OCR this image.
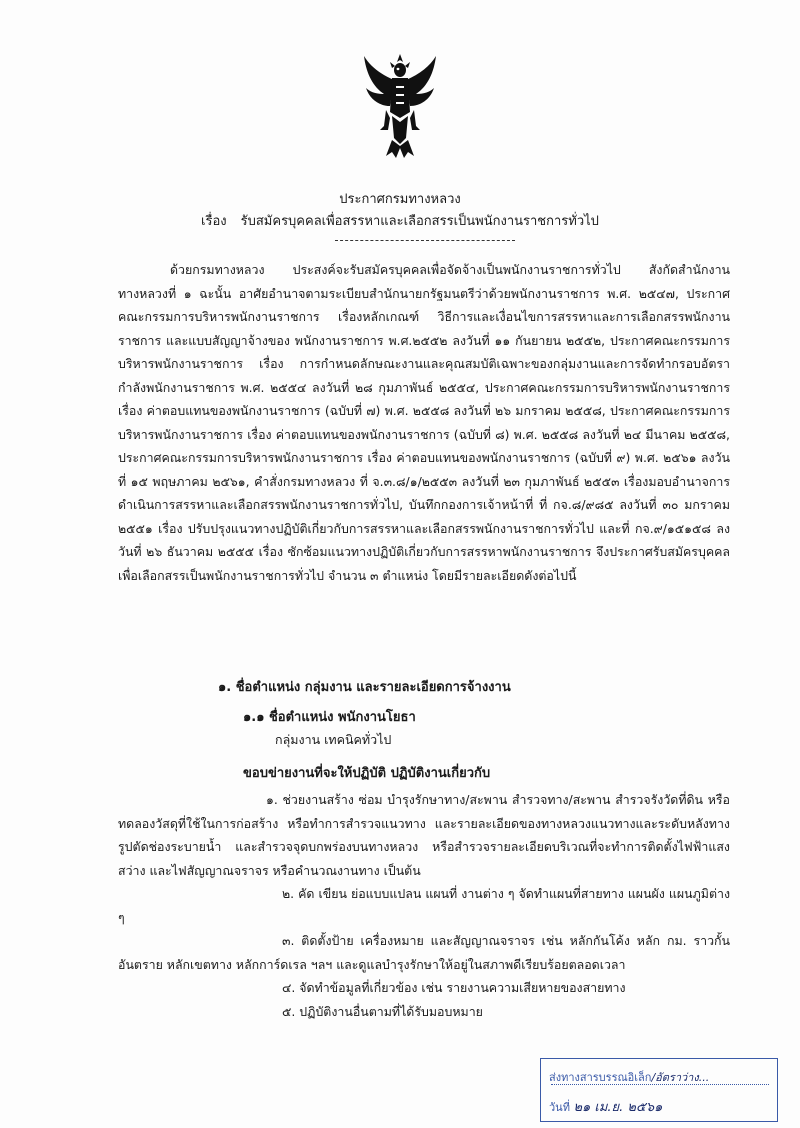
ประกาศกรมทางหลวง
เรื่อง รับสมัครบุคคลเพื่อสรรหาและเลือกสรรเป็นพนักงานราชการทั่วไป

ด้วยกรมทางหลวง ประสงค์จะรับสมัครบุคคลเพื่อจัดจ้างเป็นพนักงานราชการทั่วไป สังกัดสำนักงานทางหลวงที่ ๑ ฉะนั้น อาศัยอำนาจตามระเบียบสำนักนายกรัฐมนตรีว่าด้วยพนักงานราชการ พ.ศ. ๒๕๔๗, ประกาศคณะกรรมการบริหารพนักงานราชการ เรื่องหลักเกณฑ์ วิธีการและเงื่อนไขการสรรหาและการเลือกสรรพนักงานราชการ และแบบสัญญาจ้างของ พนักงานราชการ พ.ศ.๒๕๕๒ ลงวันที่ ๑๑ กันยายน ๒๕๕๒, ประกาศคณะกรรมการบริหารพนักงานราชการ เรื่อง การกำหนดลักษณะงานและคุณสมบัติเฉพาะของกลุ่มงานและการจัดทำกรอบอัตรากำลังพนักงานราชการ พ.ศ. ๒๕๕๔ ลงวันที่ ๒๘ กุมภาพันธ์ ๒๕๕๔, ประกาศคณะกรรมการบริหารพนักงานราชการ เรื่อง ค่าตอบแทนของพนักงานราชการ (ฉบับที่ ๗) พ.ศ. ๒๕๕๘ ลงวันที่ ๒๖ มกราคม ๒๕๕๘, ประกาศคณะกรรมการบริหารพนักงานราชการ เรื่อง ค่าตอบแทนของพนักงานราชการ (ฉบับที่ ๘) พ.ศ. ๒๕๕๘ ลงวันที่ ๒๔ มีนาคม ๒๕๕๘, ประกาศคณะกรรมการบริหารพนักงานราชการ เรื่อง ค่าตอบแทนของพนักงานราชการ (ฉบับที่ ๙) พ.ศ. ๒๕๖๑ ลงวันที่ ๑๕ พฤษภาคม ๒๕๖๑, คำสั่งกรมทางหลวง ที่ จ.๓.๘/๑/๒๕๕๓ ลงวันที่ ๒๓ กุมภาพันธ์ ๒๕๕๓ เรื่องมอบอำนาจการดำเนินการสรรหาและเลือกสรรพนักงานราชการทั่วไป, บันทึกกองการเจ้าหน้าที่ ที่ กจ.๘/๙๘๕ ลงวันที่ ๓๐ มกราคม ๒๕๕๑ เรื่อง ปรับปรุงแนวทางปฏิบัติเกี่ยวกับการสรรหาและเลือกสรรพนักงานราชการทั่วไป และที่ กจ.๙/๑๕๑๕๘ ลงวันที่ ๒๖ ธันวาคม ๒๕๕๕ เรื่อง ซักซ้อมแนวทางปฏิบัติเกี่ยวกับการสรรหาพนักงานราชการ จึงประกาศรับสมัครบุคคลเพื่อเลือกสรรเป็นพนักงานราชการทั่วไป จำนวน ๓ ตำแหน่ง โดยมีรายละเอียดดังต่อไปนี้

๑. ชื่อตำแหน่ง กลุ่มงาน และรายละเอียดการจ้างงาน
๑.๑ ชื่อตำแหน่ง พนักงานโยธา
กลุ่มงาน เทคนิคทั่วไป
ขอบข่ายงานที่จะให้ปฏิบัติ ปฏิบัติงานเกี่ยวกับ

๑. ช่วยงานสร้าง ซ่อม บำรุงรักษาทาง/สะพาน สำรวจทาง/สะพาน สำรวจรังวัดที่ดิน หรือทดลองวัสดุที่ใช้ในการก่อสร้าง หรือทำการสำรวจแนวทาง และรายละเอียดของทางหลวงแนวทางและระดับหลังทาง รูปตัดช่องระบายน้ำ และสำรวจจุดบกพร่องบนทางหลวง หรือสำรวจรายละเอียดบริเวณที่จะทำการติดตั้งไฟฟ้าแสงสว่าง และไฟสัญญาณจราจร หรือคำนวณงานทาง เป็นต้น

๒. คัด เขียน ย่อแบบแปลน แผนที่ งานต่าง ๆ จัดทำแผนที่สายทาง แผนผัง แผนภูมิต่าง ๆ

๓. ติดตั้งป้าย เครื่องหมาย และสัญญาณจราจร เช่น หลักกันโค้ง หลัก กม. ราวกั้นอันตราย หลักเขตทาง หลักการ์ดเรล ฯลฯ และดูแลบำรุงรักษาให้อยู่ในสภาพดีเรียบร้อยตลอดเวลา

๔. จัดทำข้อมูลที่เกี่ยวข้อง เช่น รายงานความเสียหายของสายทาง

๕. ปฏิบัติงานอื่นตามที่ได้รับมอบหมาย

ส่งทางสารบรรณอิเล็ก/อัตราว่าง...
วันที่ ๒๑ เม.ย. ๒๕๖๑
